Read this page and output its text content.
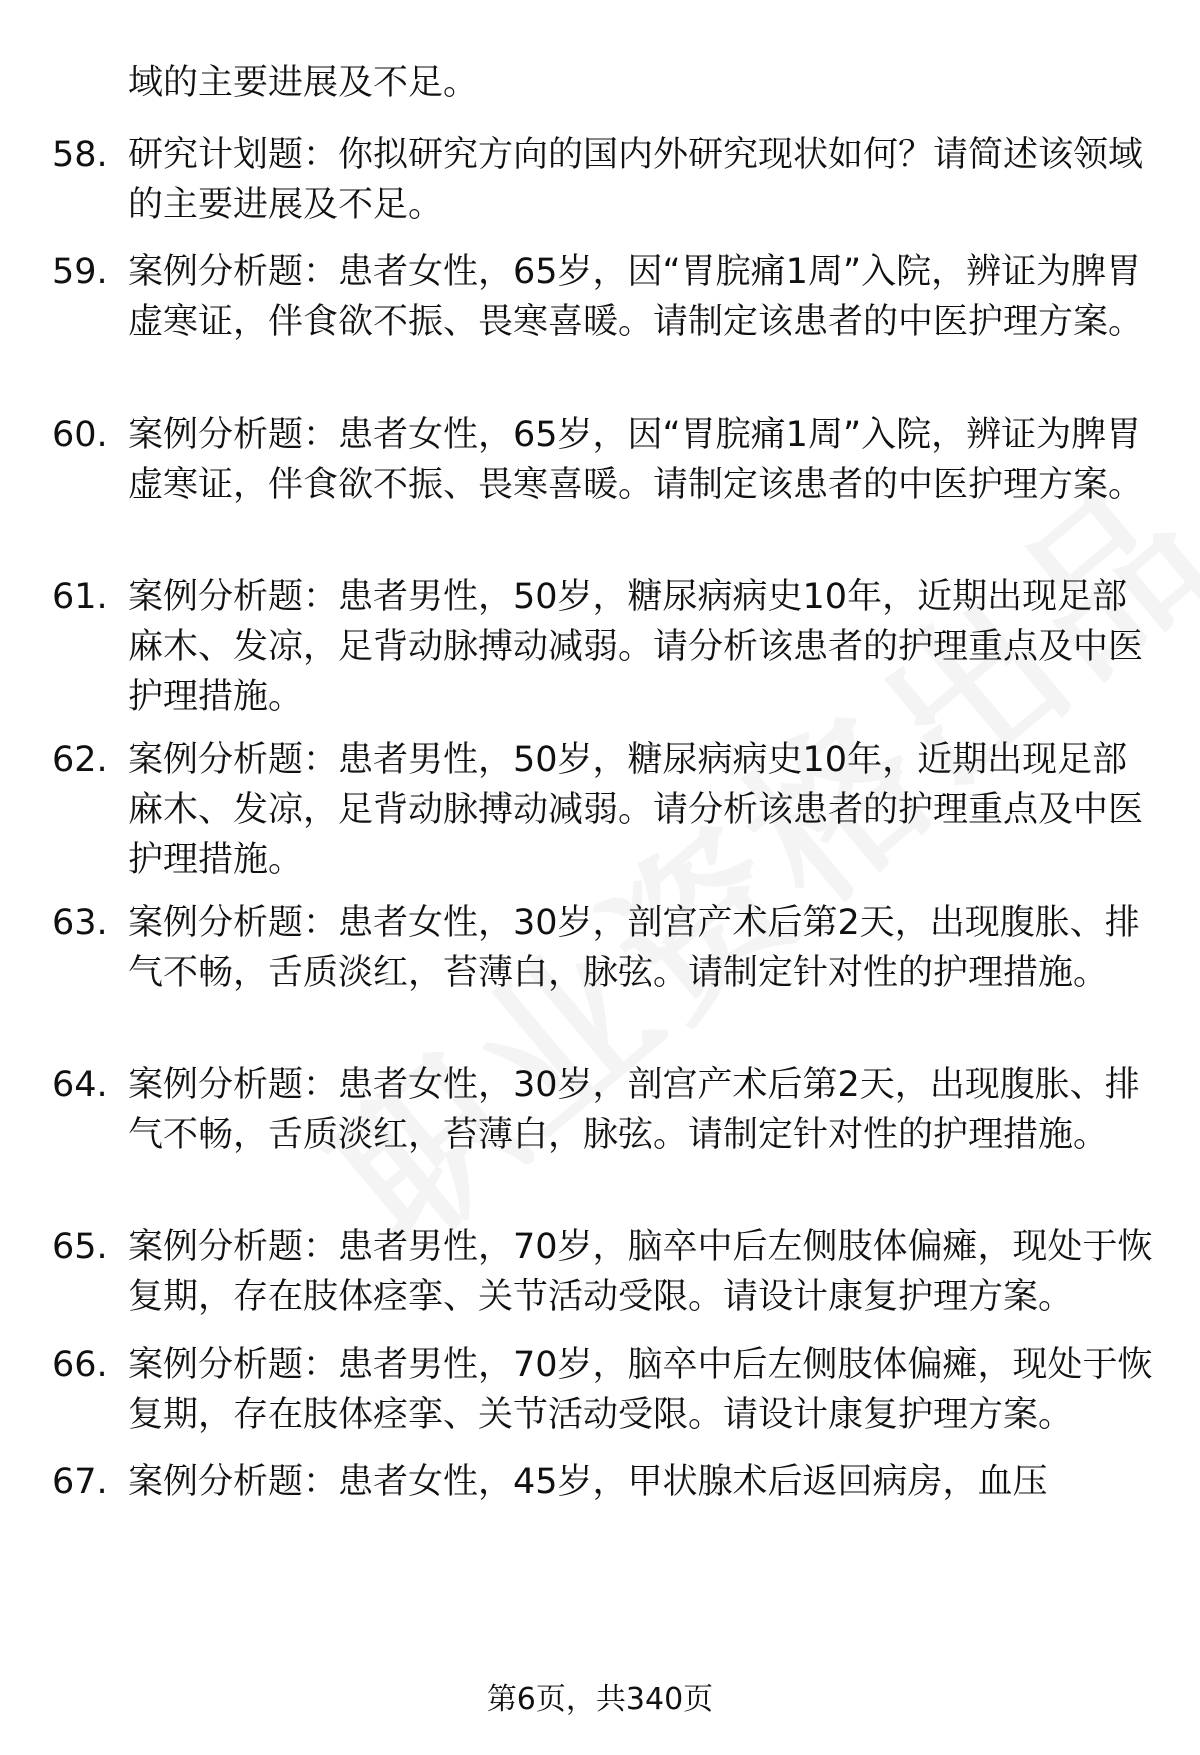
域的主要进展及不足。
58. 研究计划题：你拟研究方向的国内外研究现状如何？请简述该领域的主要进展及不足。
59. 案例分析题：患者女性，65岁，因“胃脘痛1周”入院，辨证为脾胃虚寒证，伴食欲不振、畏寒喜暖。请制定该患者的中医护理方案。
60. 案例分析题：患者女性，65岁，因“胃脘痛1周”入院，辨证为脾胃虚寒证，伴食欲不振、畏寒喜暖。请制定该患者的中医护理方案。
61. 案例分析题：患者男性，50岁，糖尿病病史10年，近期出现足部麻木、发凉，足背动脉搏动减弱。请分析该患者的护理重点及中医护理措施。
62. 案例分析题：患者男性，50岁，糖尿病病史10年，近期出现足部麻木、发凉，足背动脉搏动减弱。请分析该患者的护理重点及中医护理措施。
63. 案例分析题：患者女性，30岁，剖宫产术后第2天，出现腹胀、排气不畅，舌质淡红，苔薄白，脉弦。请制定针对性的护理措施。
64. 案例分析题：患者女性，30岁，剖宫产术后第2天，出现腹胀、排气不畅，舌质淡红，苔薄白，脉弦。请制定针对性的护理措施。
65. 案例分析题：患者男性，70岁，脑卒中后左侧肢体偏瘫，现处于恢复期，存在肢体痉挛、关节活动受限。请设计康复护理方案。
66. 案例分析题：患者男性，70岁，脑卒中后左侧肢体偏瘫，现处于恢复期，存在肢体痉挛、关节活动受限。请设计康复护理方案。
67. 案例分析题：患者女性，45岁，甲状腺术后返回病房，血压
第6页，共340页
